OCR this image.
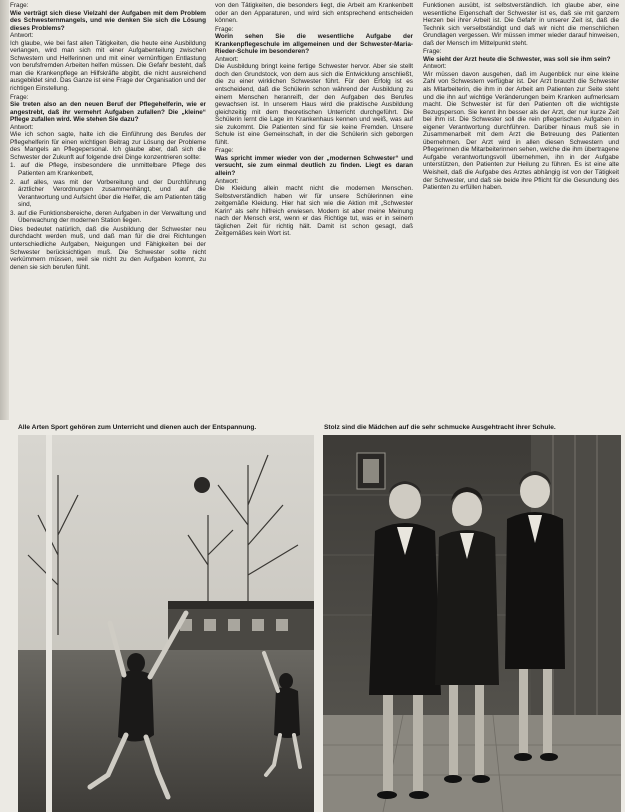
Frage:
Wie verträgt sich diese Vielzahl der Aufgaben mit dem Problem des Schwesternmangels, und wie denken Sie sich die Lösung dieses Problems?
Antwort:
Ich glaube, wie bei fast allen Tätigkeiten, die heute eine Ausbildung verlangen, wird man sich mit einer Aufgabenteilung zwischen Schwestern und Helferinnen und mit einer vernünftigen Entlastung von berufsfremden Arbeiten helfen müssen. Die Gefahr besteht, daß man die Krankenpflege an Hilfskräfte abgibt, die nicht ausreichend ausgebildet sind. Das Ganze ist eine Frage der Organisation und der richtigen Einstellung.
Frage:
Sie treten also an den neuen Beruf der Pflegehelferin, wie er angestrebt, daß ihr vermehrt Aufgaben zufallen? Die „kleine“ Pflege zufallen wird. Wie stehen Sie dazu?
Antwort:
Wie ich schon sagte, halte ich die Einführung des Berufes der Pflegehelferin für einen wichtigen Beitrag zur Lösung der Probleme des Mangels an Pflegepersonal. Ich glaube aber, daß sich die Schwester der Zukunft auf folgende drei Dinge konzentrieren sollte:
1. auf die Pflege, insbesondere die unmittelbare Pflege des Patienten am Krankenbett,
2. auf alles, was mit der Vorbereitung und der Durchführung ärztlicher Verordnungen zusammenhängt, und auf die Verantwortung und Aufsicht über die Helfer, die am Patienten tätig sind,
3. auf die Funktionsbereiche, deren Aufgaben in der Verwaltung und Überwachung der modernen Station liegen.
Dies bedeutet natürlich, daß die Ausbildung der Schwester neu durchdacht werden muß, und daß man für die drei Richtungen unterschiedliche Aufgaben, Neigungen und Fähigkeiten bei der Schwester berücksichtigen muß. Die Schwester sollte nicht verkümmern müssen, weil sie nicht zu den Aufgaben kommt, zu denen sie sich berufen fühlt.
von den Tätigkeiten, die besonders liegt, die Arbeit am Krankenbett oder an den Apparaturen, und wird sich entsprechend entscheiden können.
Frage:
Worin sehen Sie die wesentliche Aufgabe der Krankenpflegeschule im allgemeinen und der Schwester-Maria-Rieder-Schule im besonderen?
Antwort:
Die Ausbildung bringt keine fertige Schwester hervor. Aber sie stellt doch den Grundstock, von dem aus sich die Entwicklung anschließt, die zu einer wirklichen Schwester führt. Für den Erfolg ist es entscheidend, daß die Schülerin schon während der Ausbildung zu einem Menschen heranreift, der den Aufgaben des Berufes gewachsen ist. In unserem Haus wird die praktische Ausbildung gleichzeitig mit dem theoretischen Unterricht durchgeführt. Die Schülerin lernt die Lage im Krankenhaus kennen und weiß, was auf sie zukommt. Die Patienten sind für sie keine Fremden. Unsere Schule ist eine Gemeinschaft, in der die Schülerin sich geborgen fühlt.
Frage:
Was spricht immer wieder von der „modernen Schwester“ und versucht, sie zum einmal deutlich zu finden. Liegt es daran allein?
Antwort:
Die Kleidung allein macht nicht die modernen Menschen. Selbstverständlich haben wir für unsere Schülerinnen eine zeitgemäße Kleidung. Hier hat sich wie die Aktion mit „Schwester Karin“ als sehr hilfreich erwiesen. Modern ist aber meine Meinung nach der Mensch erst, wenn er das Richtige tut, was er in seinem täglichen Zeit für richtig hält. Damit ist schon gesagt, daß Zeitgemäßes kein Wort ist.
Funktionen ausübt, ist selbstverständlich. Ich glaube aber, eine wesentliche Eigenschaft der Schwester ist es, daß sie mit ganzem Herzen bei ihrer Arbeit ist. Die Gefahr in unserer Zeit ist, daß die Technik sich verselbständigt und daß wir nicht die menschlichen Grundlagen vergessen. Wir müssen immer wieder darauf hinweisen, daß der Mensch im Mittelpunkt steht.
Frage:
Wie sieht der Arzt heute die Schwester, was soll sie ihm sein?
Antwort:
Wir müssen davon ausgehen, daß im Augenblick nur eine kleine Zahl von Schwestern verfügbar ist. Der Arzt braucht die Schwester als Mitarbeiterin, die ihm in der Arbeit am Patienten zur Seite steht und die ihn auf wichtige Veränderungen beim Kranken aufmerksam macht. Die Schwester ist für den Patienten oft die wichtigste Bezugsperson. Sie kennt ihn besser als der Arzt, der nur kurze Zeit bei ihm ist. Die Schwester soll die rein pflegerischen Aufgaben in eigener Verantwortung durchführen. Darüber hinaus muß sie in Zusammenarbeit mit dem Arzt die Betreuung des Patienten übernehmen. Der Arzt wird in allen diesen Schwestern und Pflegerinnen die Mitarbeiterinnen sehen, welche die ihm übertragene Aufgabe verantwortungsvoll übernehmen, ihn in der Aufgabe unterstützen, den Patienten zur Heilung zu führen. Es ist eine alte Weisheit, daß die Aufgabe des Arztes abhängig ist von der Tätigkeit der Schwester, und daß sie beide ihre Pflicht für die Gesundung des Patienten zu erfüllen haben.
Alle Arten Sport gehören zum Unterricht und dienen auch der Entspannung.	Stolz sind die Mädchen auf die sehr schmucke Ausgehtracht ihrer Schule.
